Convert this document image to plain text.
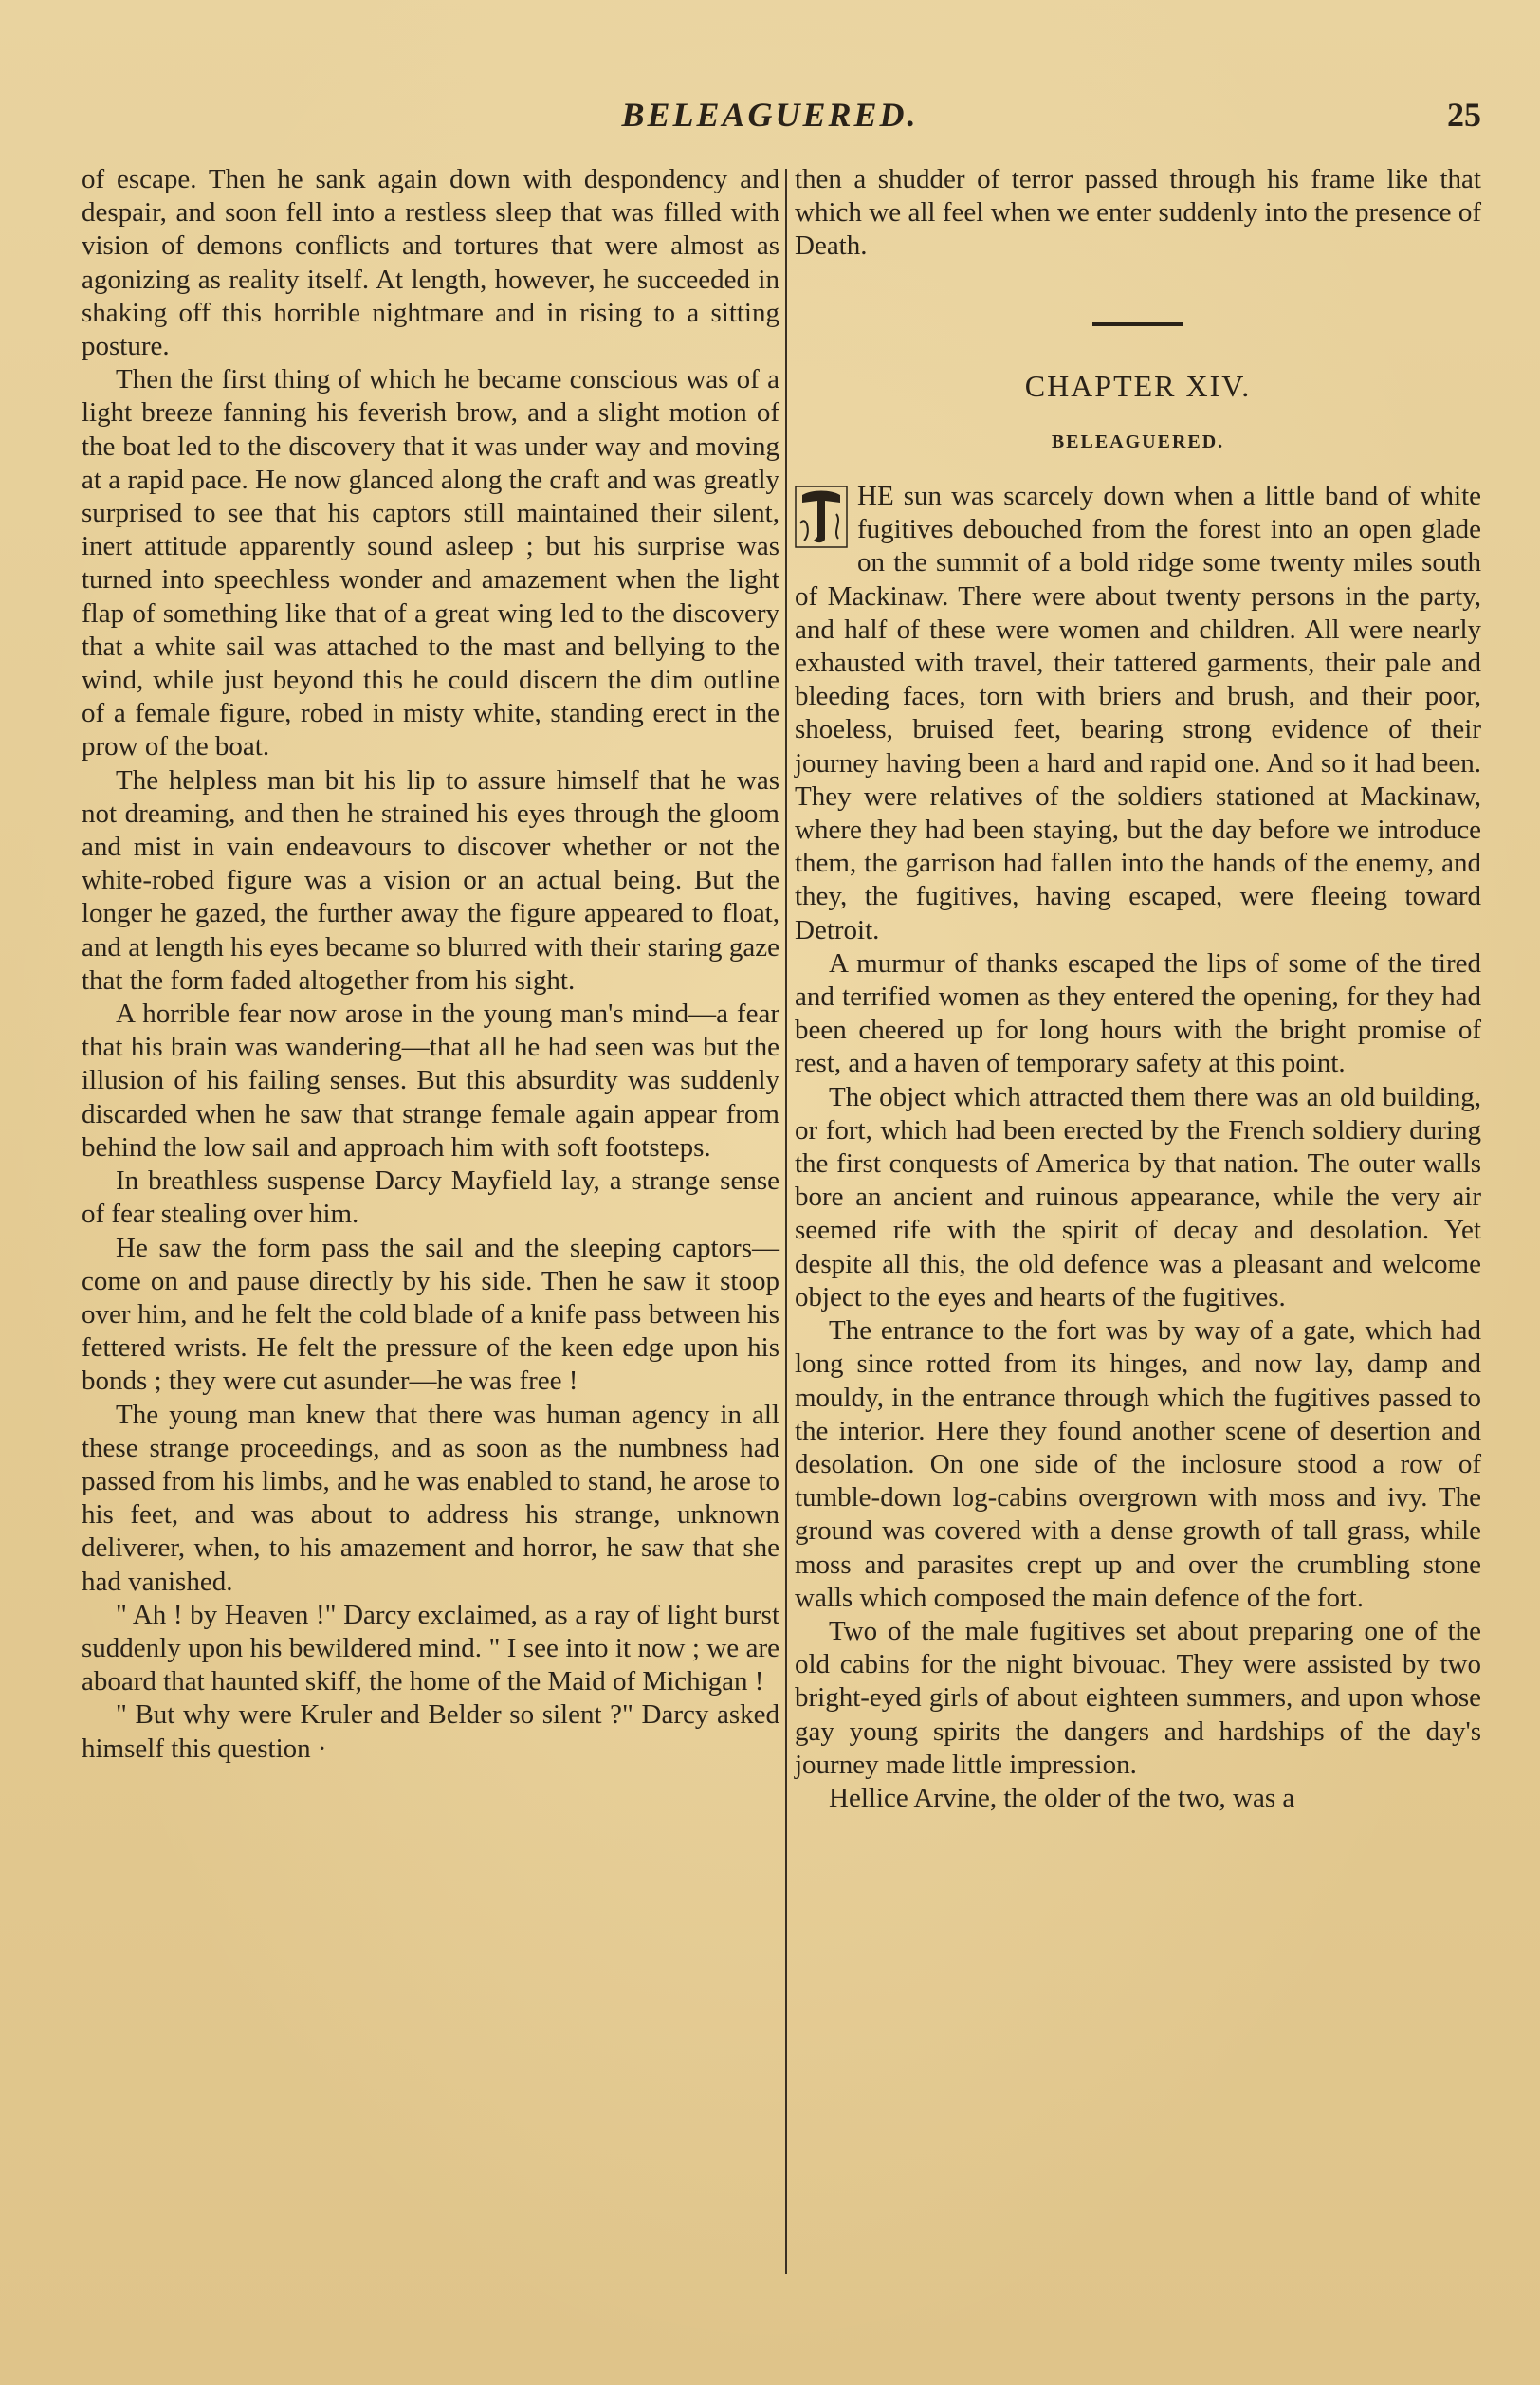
BELEAGUERED.	25

of escape. Then he sank again down with despondency and despair, and soon fell into a restless sleep that was filled with vision of demons conflicts and tortures that were almost as agonizing as reality itself. At length, however, he succeeded in shaking off this horrible nightmare and in rising to a sitting posture.

Then the first thing of which he became conscious was of a light breeze fanning his feverish brow, and a slight motion of the boat led to the discovery that it was under way and moving at a rapid pace. He now glanced along the craft and was greatly surprised to see that his captors still maintained their silent, inert attitude apparently sound asleep ; but his surprise was turned into speechless wonder and amazement when the light flap of something like that of a great wing led to the discovery that a white sail was attached to the mast and bellying to the wind, while just beyond this he could discern the dim outline of a female figure, robed in misty white, standing erect in the prow of the boat.

The helpless man bit his lip to assure himself that he was not dreaming, and then he strained his eyes through the gloom and mist in vain endeavours to discover whether or not the white-robed figure was a vision or an actual being. But the longer he gazed, the further away the figure appeared to float, and at length his eyes became so blurred with their staring gaze that the form faded altogether from his sight.

A horrible fear now arose in the young man's mind—a fear that his brain was wandering—that all he had seen was but the illusion of his failing senses. But this absurdity was suddenly discarded when he saw that strange female again appear from behind the low sail and approach him with soft footsteps.

In breathless suspense Darcy Mayfield lay, a strange sense of fear stealing over him.

He saw the form pass the sail and the sleeping captors—come on and pause directly by his side. Then he saw it stoop over him, and he felt the cold blade of a knife pass between his fettered wrists. He felt the pressure of the keen edge upon his bonds ; they were cut asunder—he was free !

The young man knew that there was human agency in all these strange proceedings, and as soon as the numbness had passed from his limbs, and he was enabled to stand, he arose to his feet, and was about to address his strange, unknown deliverer, when, to his amazement and horror, he saw that she had vanished.

" Ah ! by Heaven !" Darcy exclaimed, as a ray of light burst suddenly upon his bewildered mind. " I see into it now ; we are aboard that haunted skiff, the home of the Maid of Michigan !

" But why were Kruler and Belder so silent ?" Darcy asked himself this question ·

then a shudder of terror passed through his frame like that which we all feel when we enter suddenly into the presence of Death.

CHAPTER XIV.
BELEAGUERED.

HE sun was scarcely down when a little band of white fugitives debouched from the forest into an open glade on the summit of a bold ridge some twenty miles south of Mackinaw. There were about twenty persons in the party, and half of these were women and children. All were nearly exhausted with travel, their tattered garments, their pale and bleeding faces, torn with briers and brush, and their poor, shoeless, bruised feet, bearing strong evidence of their journey having been a hard and rapid one. And so it had been. They were relatives of the soldiers stationed at Mackinaw, where they had been staying, but the day before we introduce them, the garrison had fallen into the hands of the enemy, and they, the fugitives, having escaped, were fleeing toward Detroit.

A murmur of thanks escaped the lips of some of the tired and terrified women as they entered the opening, for they had been cheered up for long hours with the bright promise of rest, and a haven of temporary safety at this point.

The object which attracted them there was an old building, or fort, which had been erected by the French soldiery during the first conquests of America by that nation. The outer walls bore an ancient and ruinous appearance, while the very air seemed rife with the spirit of decay and desolation. Yet despite all this, the old defence was a pleasant and welcome object to the eyes and hearts of the fugitives.

The entrance to the fort was by way of a gate, which had long since rotted from its hinges, and now lay, damp and mouldy, in the entrance through which the fugitives passed to the interior. Here they found another scene of desertion and desolation. On one side of the inclosure stood a row of tumble-down log-cabins overgrown with moss and ivy. The ground was covered with a dense growth of tall grass, while moss and parasites crept up and over the crumbling stone walls which composed the main defence of the fort.

Two of the male fugitives set about preparing one of the old cabins for the night bivouac. They were assisted by two bright-eyed girls of about eighteen summers, and upon whose gay young spirits the dangers and hardships of the day's journey made little impression.

Hellice Arvine, the older of the two, was a
